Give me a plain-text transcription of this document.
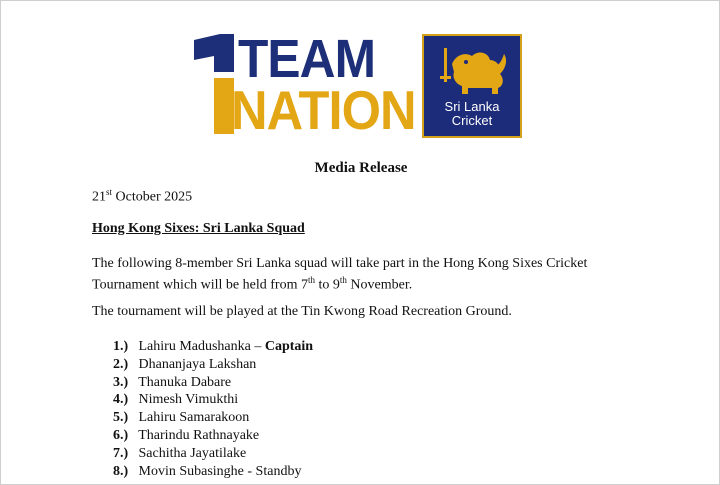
TEAM
NATION	Sri Lanka
Cricket
Media Release
21st October 2025
Hong Kong Sixes: Sri Lanka Squad
The following 8-member Sri Lanka squad will take part in the Hong Kong Sixes Cricket Tournament which will be held from 7th to 9th November.
The tournament will be played at the Tin Kwong Road Recreation Ground.
1.) Lahiru Madushanka – Captain
2.) Dhananjaya Lakshan
3.) Thanuka Dabare
4.) Nimesh Vimukthi
5.) Lahiru Samarakoon
6.) Tharindu Rathnayake
7.) Sachitha Jayatilake
8.) Movin Subasinghe - Standby
